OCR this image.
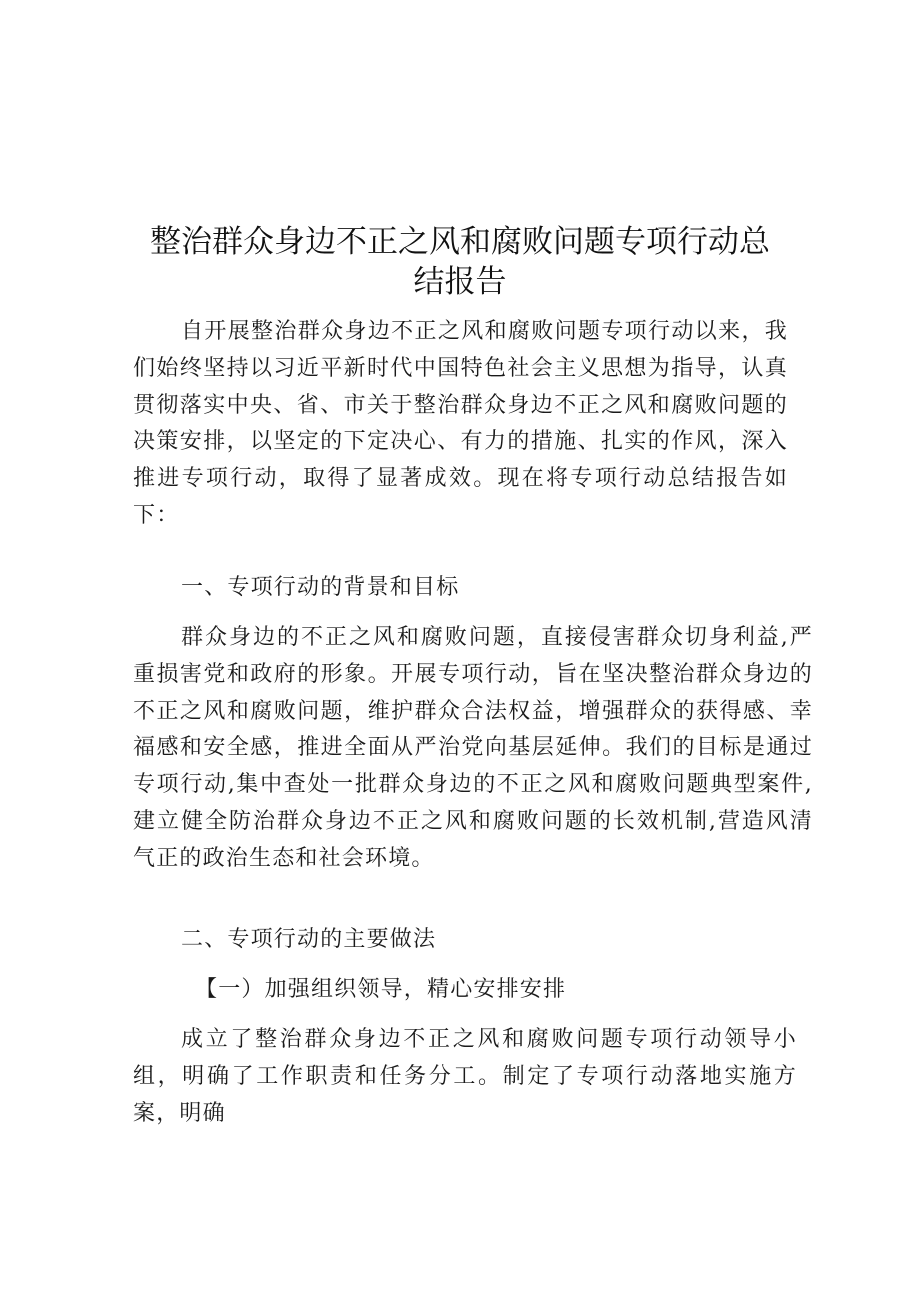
整治群众身边不正之风和腐败问题专项行动总
结报告

自开展整治群众身边不正之风和腐败问题专项行动以来，我们始终坚持以习近平新时代中国特色社会主义思想为指导，认真贯彻落实中央、省、市关于整治群众身边不正之风和腐败问题的决策安排，以坚定的下定决心、有力的措施、扎实的作风，深入推进专项行动，取得了显著成效。现在将专项行动总结报告如下：

一、专项行动的背景和目标

群众身边的不正之风和腐败问题，直接侵害群众切身利益,严重损害党和政府的形象。开展专项行动，旨在坚决整治群众身边的不正之风和腐败问题，维护群众合法权益，增强群众的获得感、幸福感和安全感，推进全面从严治党向基层延伸。我们的目标是通过专项行动,集中查处一批群众身边的不正之风和腐败问题典型案件,建立健全防治群众身边不正之风和腐败问题的长效机制,营造风清气正的政治生态和社会环境。

二、专项行动的主要做法

【一）加强组织领导，精心安排安排

成立了整治群众身边不正之风和腐败问题专项行动领导小组，明确了工作职责和任务分工。制定了专项行动落地实施方案，明确
